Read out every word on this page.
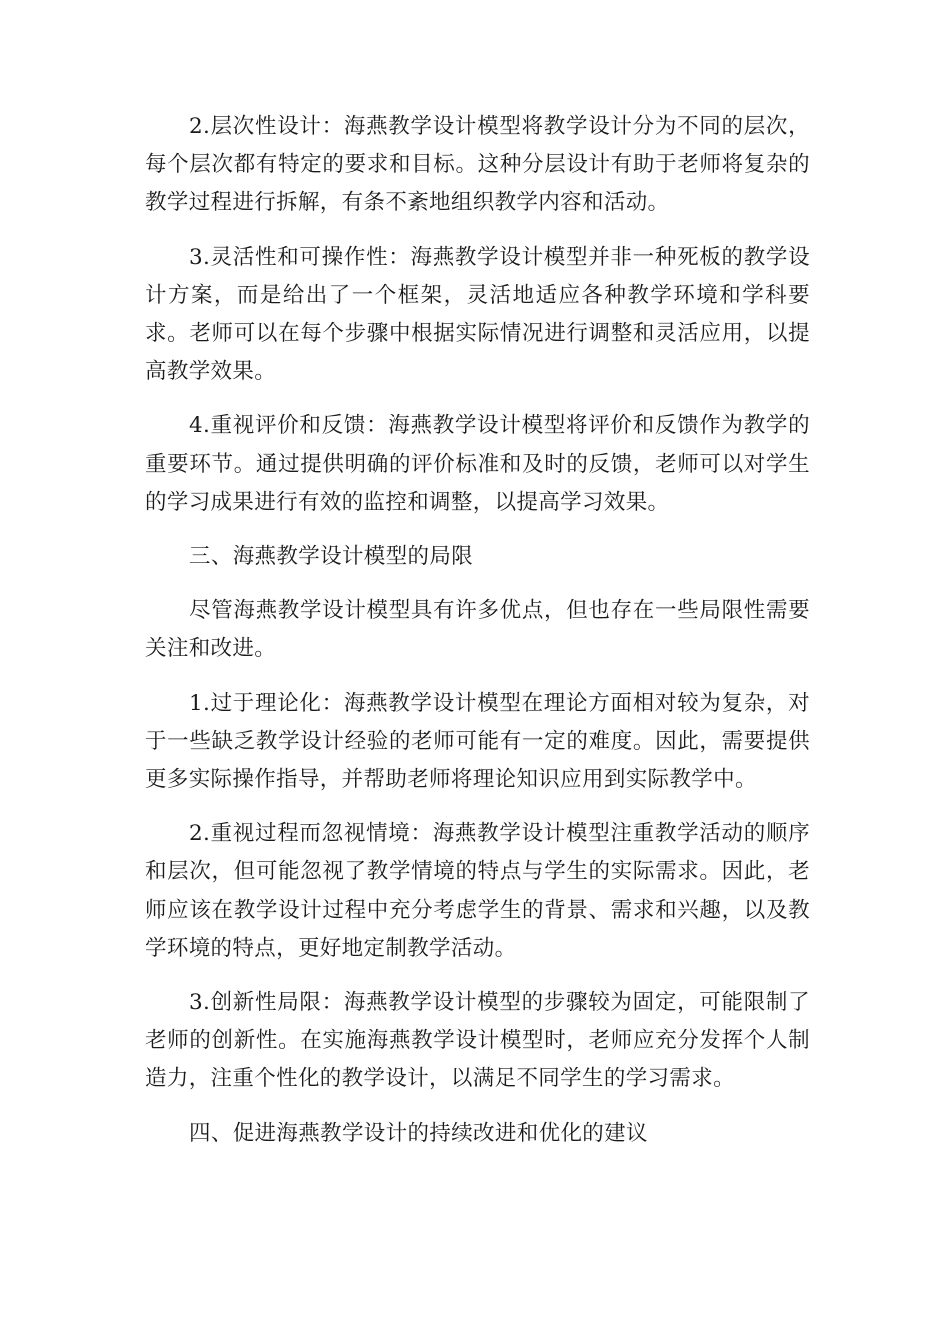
2.层次性设计：海燕教学设计模型将教学设计分为不同的层次，每个层次都有特定的要求和目标。这种分层设计有助于老师将复杂的教学过程进行拆解，有条不紊地组织教学内容和活动。

3.灵活性和可操作性：海燕教学设计模型并非一种死板的教学设计方案，而是给出了一个框架，灵活地适应各种教学环境和学科要求。老师可以在每个步骤中根据实际情况进行调整和灵活应用，以提高教学效果。

4.重视评价和反馈：海燕教学设计模型将评价和反馈作为教学的重要环节。通过提供明确的评价标准和及时的反馈，老师可以对学生的学习成果进行有效的监控和调整，以提高学习效果。

三、海燕教学设计模型的局限

尽管海燕教学设计模型具有许多优点，但也存在一些局限性需要关注和改进。

1.过于理论化：海燕教学设计模型在理论方面相对较为复杂，对于一些缺乏教学设计经验的老师可能有一定的难度。因此，需要提供更多实际操作指导，并帮助老师将理论知识应用到实际教学中。

2.重视过程而忽视情境：海燕教学设计模型注重教学活动的顺序和层次，但可能忽视了教学情境的特点与学生的实际需求。因此，老师应该在教学设计过程中充分考虑学生的背景、需求和兴趣，以及教学环境的特点，更好地定制教学活动。

3.创新性局限：海燕教学设计模型的步骤较为固定，可能限制了老师的创新性。在实施海燕教学设计模型时，老师应充分发挥个人制造力，注重个性化的教学设计，以满足不同学生的学习需求。

四、促进海燕教学设计的持续改进和优化的建议
